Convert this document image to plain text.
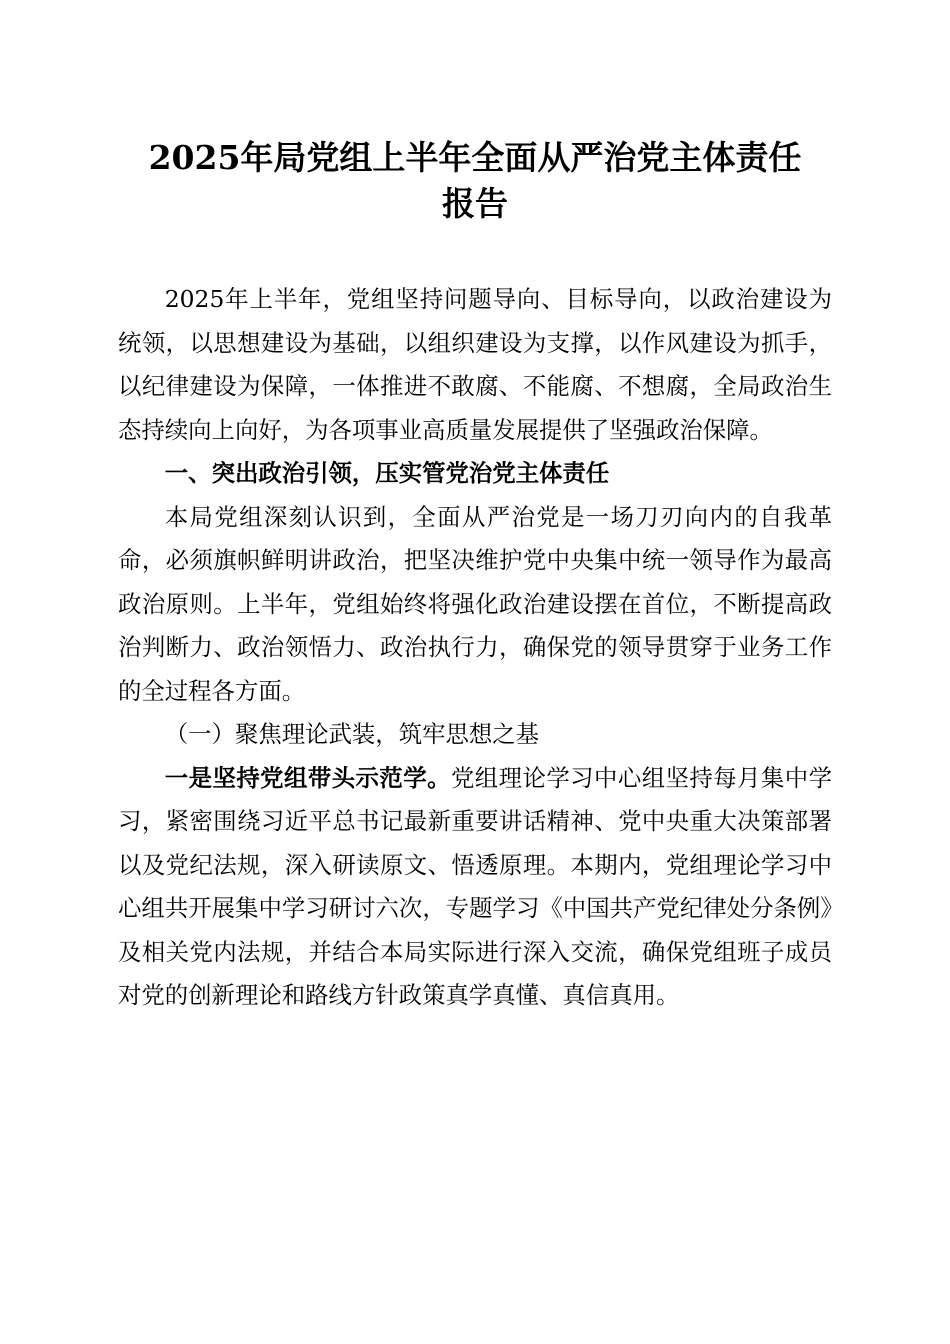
2025年局党组上半年全面从严治党主体责任
报告

2025年上半年，党组坚持问题导向、目标导向，以政治建设为统领，以思想建设为基础，以组织建设为支撑，以作风建设为抓手，以纪律建设为保障，一体推进不敢腐、不能腐、不想腐，全局政治生态持续向上向好，为各项事业高质量发展提供了坚强政治保障。

一、突出政治引领，压实管党治党主体责任

本局党组深刻认识到，全面从严治党是一场刀刃向内的自我革命，必须旗帜鲜明讲政治，把坚决维护党中央集中统一领导作为最高政治原则。上半年，党组始终将强化政治建设摆在首位，不断提高政治判断力、政治领悟力、政治执行力，确保党的领导贯穿于业务工作的全过程各方面。

（一）聚焦理论武装，筑牢思想之基

一是坚持党组带头示范学。党组理论学习中心组坚持每月集中学习，紧密围绕习近平总书记最新重要讲话精神、党中央重大决策部署以及党纪法规，深入研读原文、悟透原理。本期内，党组理论学习中心组共开展集中学习研讨六次，专题学习《中国共产党纪律处分条例》及相关党内法规，并结合本局实际进行深入交流，确保党组班子成员对党的创新理论和路线方针政策真学真懂、真信真用。
